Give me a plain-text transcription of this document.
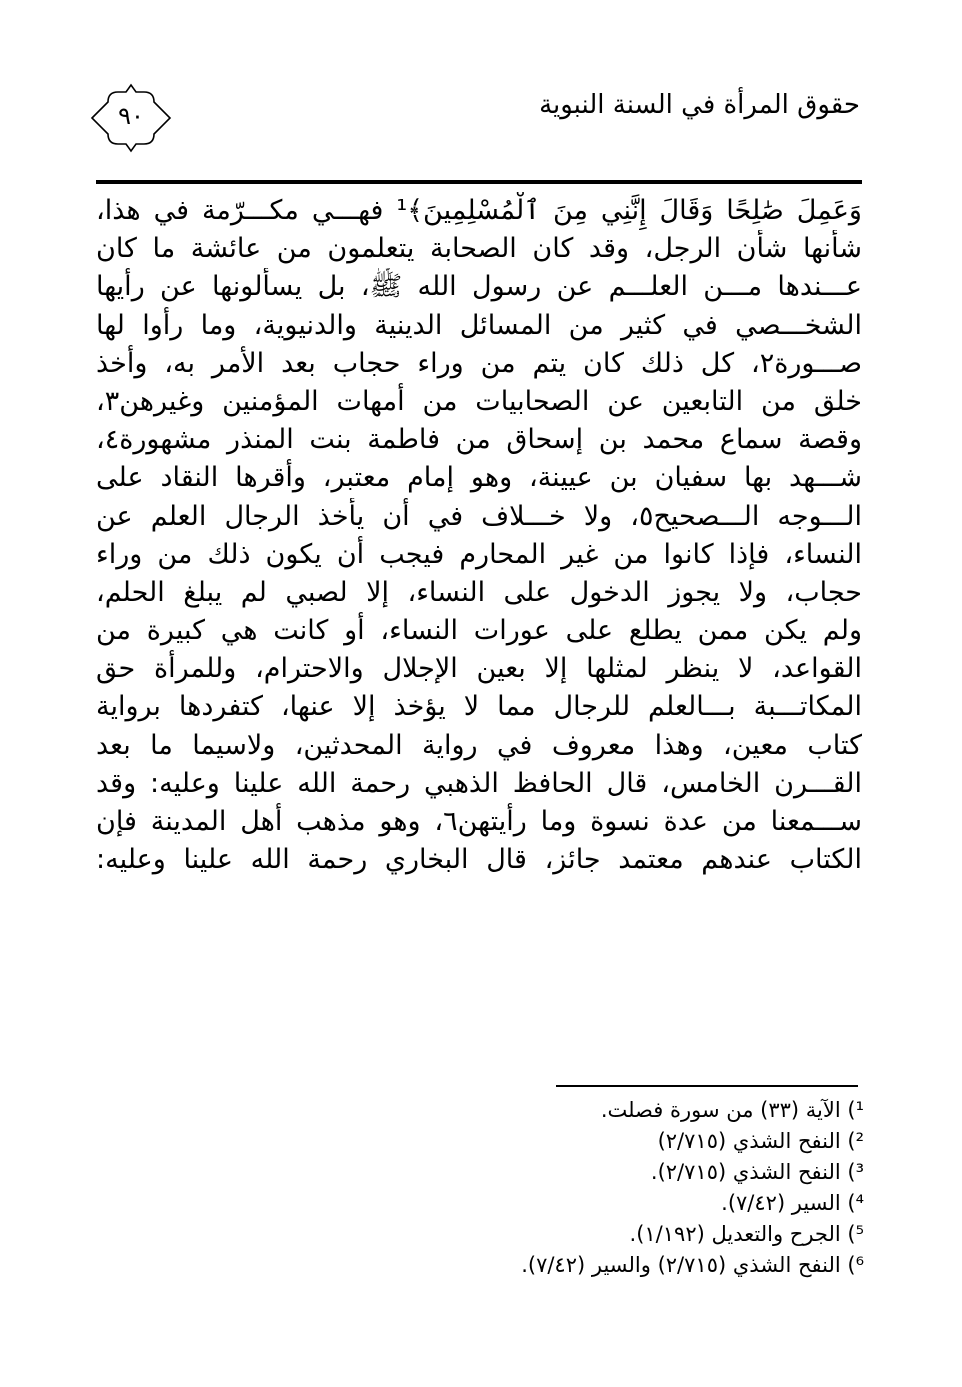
حقوق المرأة في السنة النبوية
٩٠
وَعَمِلَ صَٰلِحًا وَقَالَ إِنَّنِي مِنَ ٱلْمُسْلِمِينَ﴾¹ فهـــي مكـــرّمة في هذا،
شأنها شأن الرجل، وقد كان الصحابة يتعلمون من عائشة ما كان
عـــندها مـــن العلـــم عن رسول الله ﷺ، بل يسألونها عن رأيها
الشخـــصي في كثير من المسائل الدينية والدنيوية، وما رأوا لها
صـــورة٢، كل ذلك كان يتم من وراء حجاب بعد الأمر به، وأخذ
خلق من التابعين عن الصحابيات من أمهات المؤمنين وغيرهن٣،
وقصة سماع محمد بن إسحاق من فاطمة بنت المنذر مشهورة٤،
شـــهد بها سفيان بن عيينة، وهو إمام معتبر، وأقرها النقاد على
الـــوجه الـــصحيح٥، ولا خـــلاف في أن يأخذ الرجال العلم عن
النساء، فإذا كانوا من غير المحارم فيجب أن يكون ذلك من وراء
حجاب، ولا يجوز الدخول على النساء، إلا لصبي لم يبلغ الحلم،
ولم يكن ممن يطلع على عورات النساء، أو كانت هي كبيرة من
القواعد، لا ينظر لمثلها إلا بعين الإجلال والاحترام، وللمرأة حق
المكاتـــبة بـــالعلم للرجال مما لا يؤخذ إلا عنها، كتفردها برواية
كتاب معين، وهذا معروف في رواية المحدثين، ولاسيما ما بعد
القـــرن الخامس، قال الحافظ الذهبي رحمة الله علينا وعليه: وقد
ســـمعنا من عدة نسوة وما رأيتهن٦، وهو مذهب أهل المدينة فإن
الكتاب عندهم معتمد جائز، قال البخاري رحمة الله علينا وعليه:
¹) الآية (٣٣) من سورة فصلت.
²) النفح الشذي (٢/٧١٥)
³) النفح الشذي (٢/٧١٥).
⁴) السير (٧/٤٢).
⁵) الجرح والتعديل (١/١٩٢).
⁶) النفح الشذي (٢/٧١٥) والسير (٧/٤٢).
